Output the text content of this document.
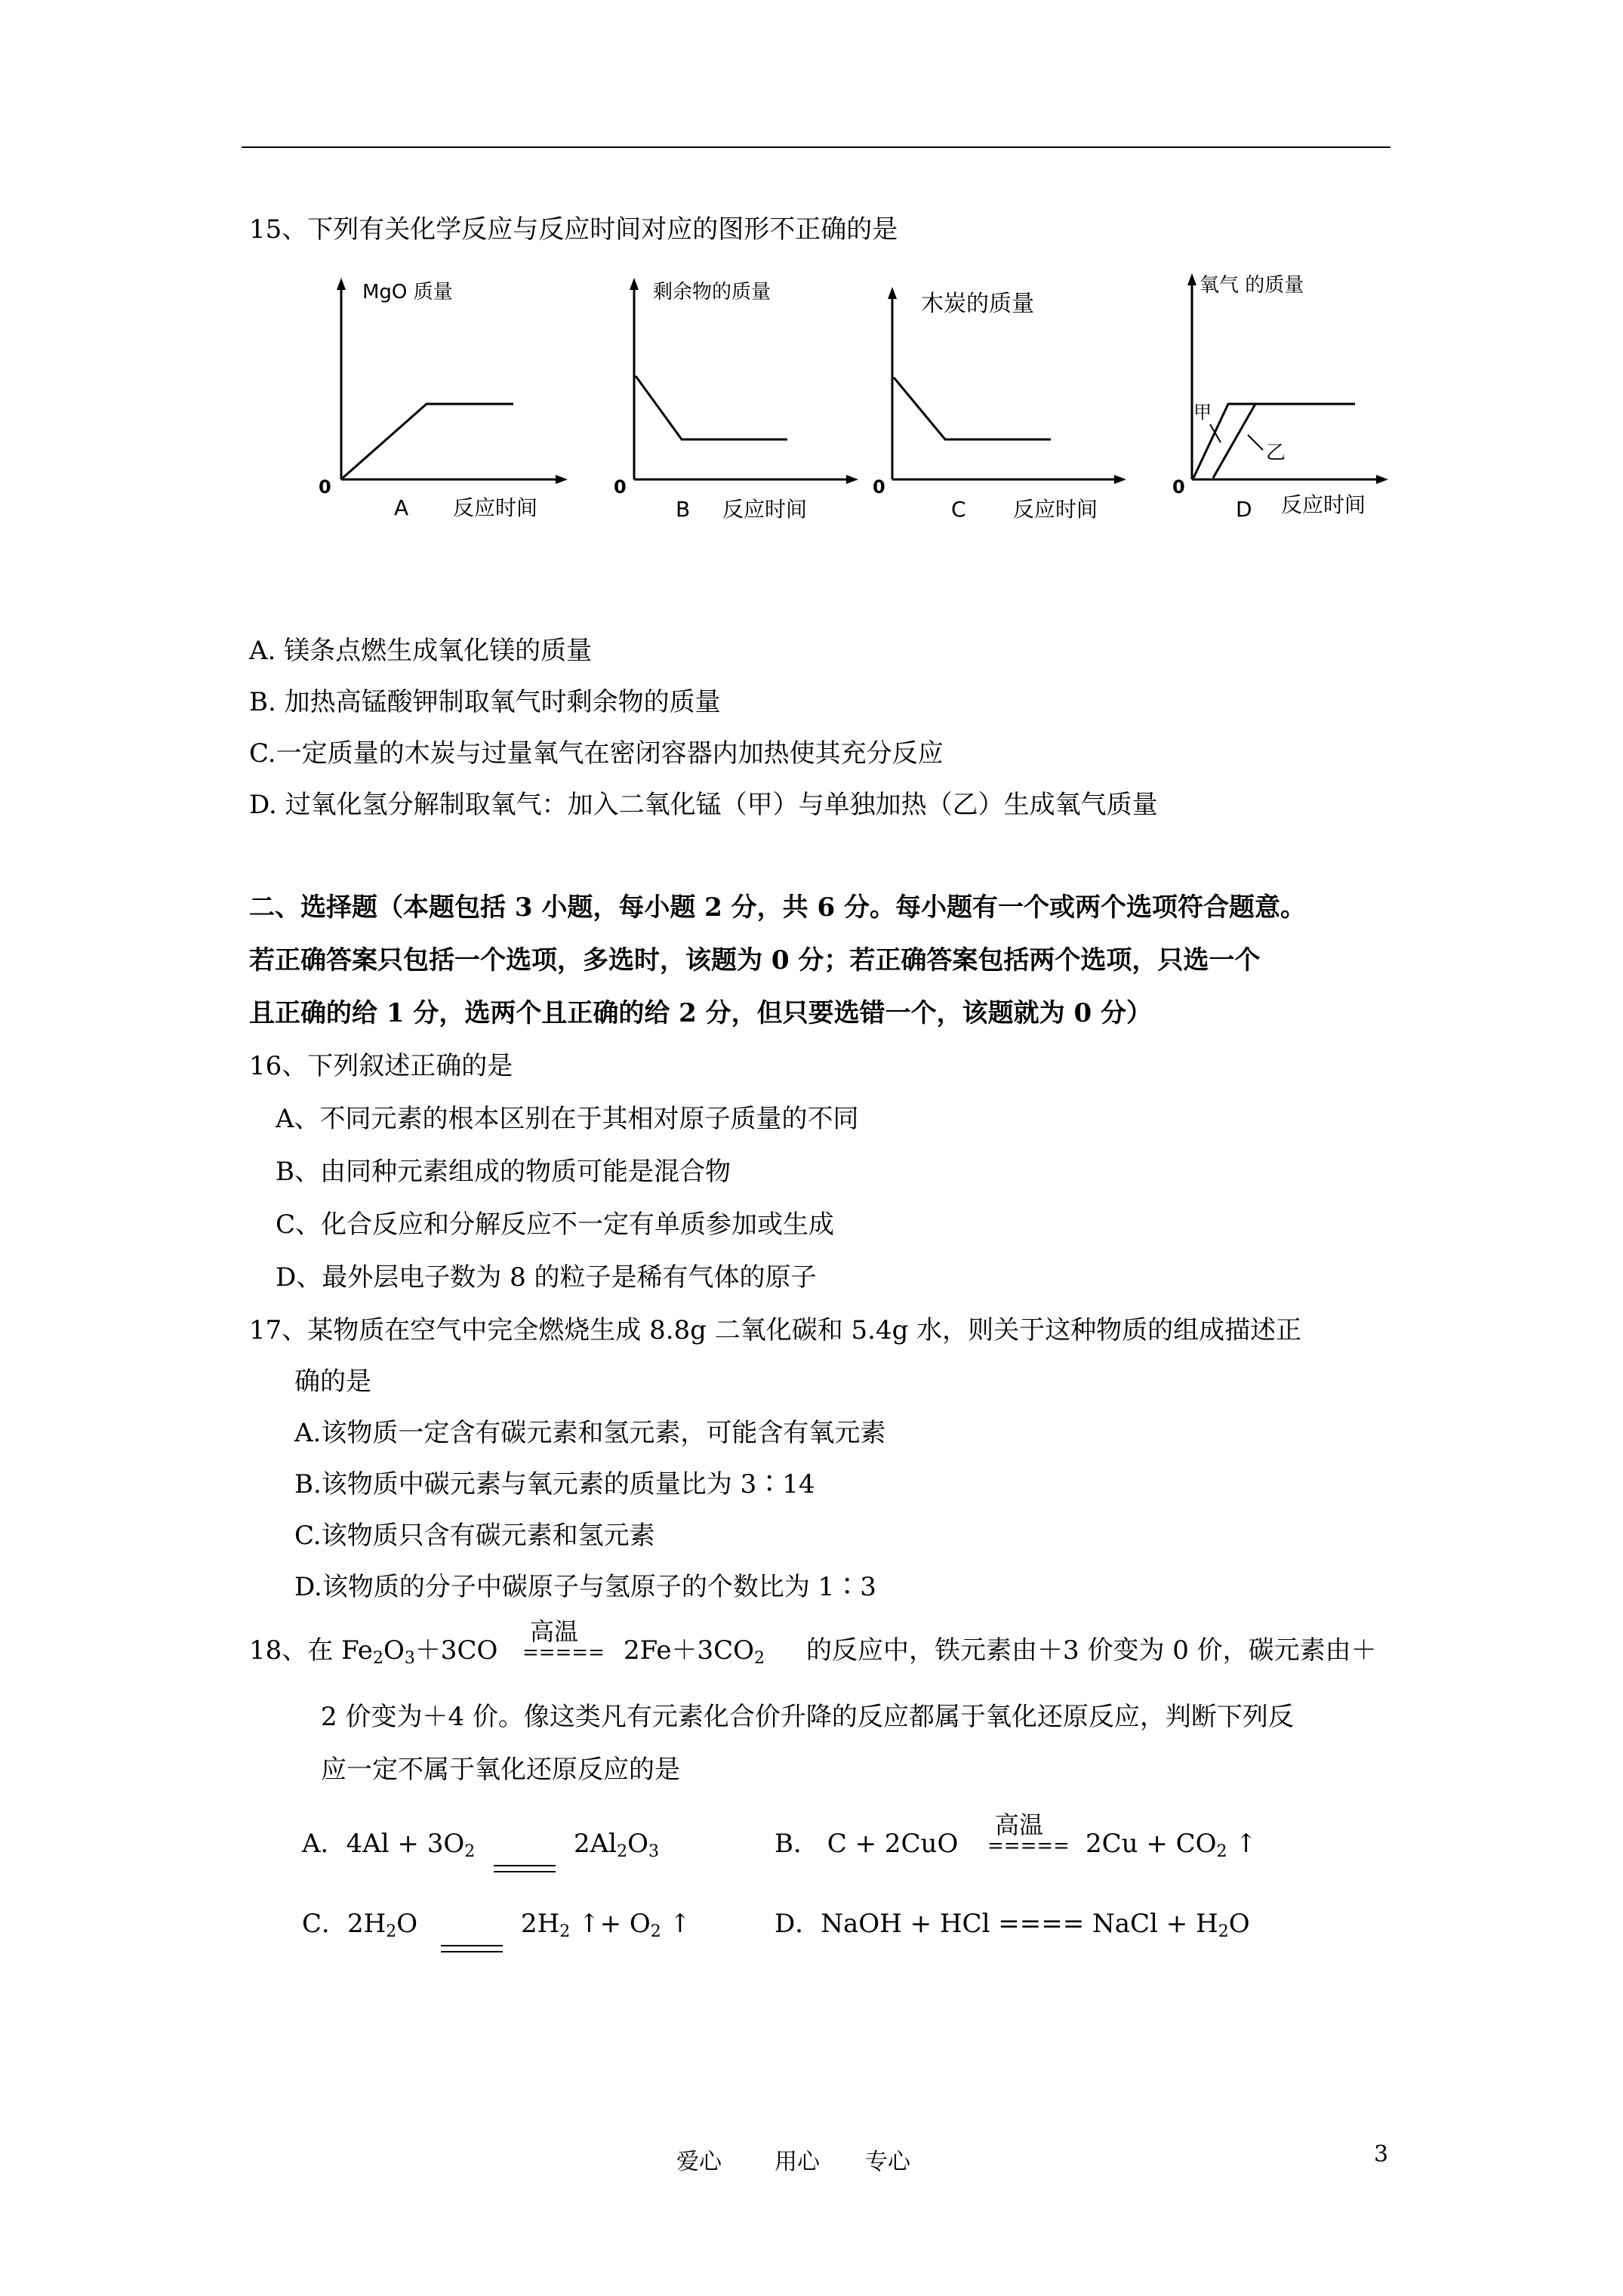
15、下列有关化学反应与反应时间对应的图形不正确的是
MgO 质量
0
A 反应时间
剩余物的质量
0
B 反应时间
木炭的质量
0
C 反应时间
氧气 的质量
甲
乙
0
D 反应时间
A. 镁条点燃生成氧化镁的质量
B. 加热高锰酸钾制取氧气时剩余物的质量
C.一定质量的木炭与过量氧气在密闭容器内加热使其充分反应
D. 过氧化氢分解制取氧气：加入二氧化锰（甲）与单独加热（乙）生成氧气质量
二、选择题（本题包括 3 小题，每小题 2 分，共 6 分。每小题有一个或两个选项符合题意。
若正确答案只包括一个选项，多选时，该题为 0 分；若正确答案包括两个选项，只选一个
且正确的给 1 分，选两个且正确的给 2 分，但只要选错一个，该题就为 0 分）
16、下列叙述正确的是
A、不同元素的根本区别在于其相对原子质量的不同
B、由同种元素组成的物质可能是混合物
C、化合反应和分解反应不一定有单质参加或生成
D、最外层电子数为 8 的粒子是稀有气体的原子
17、某物质在空气中完全燃烧生成 8.8g 二氧化碳和 5.4g 水，则关于这种物质的组成描述正
确的是
A.该物质一定含有碳元素和氢元素，可能含有氧元素
B.该物质中碳元素与氧元素的质量比为 3∶14
C.该物质只含有碳元素和氢元素
D.该物质的分子中碳原子与氢原子的个数比为 1∶3
18、在 $Fe_2O_3+3CO$
高温
===== $2Fe+3CO_2$ 的反应中，铁元素由＋3 价变为 0 价，碳元素由＋
2 价变为＋4 价。像这类凡有元素化合价升降的反应都属于氧化还原反应，判断下列反
应一定不属于氧化还原反应的是
A．$4Al + 3O_2$	$2Al_2O_3$	B． C + 2CuO
高温
===== $2Cu + CO_2$ ↑
C．$2H_2O$	$2H_2$ ↑+ $O_2$ ↑	D．NaOH + HCl ==== NaCl + $H_2O$
爱心 用心 专心	3
